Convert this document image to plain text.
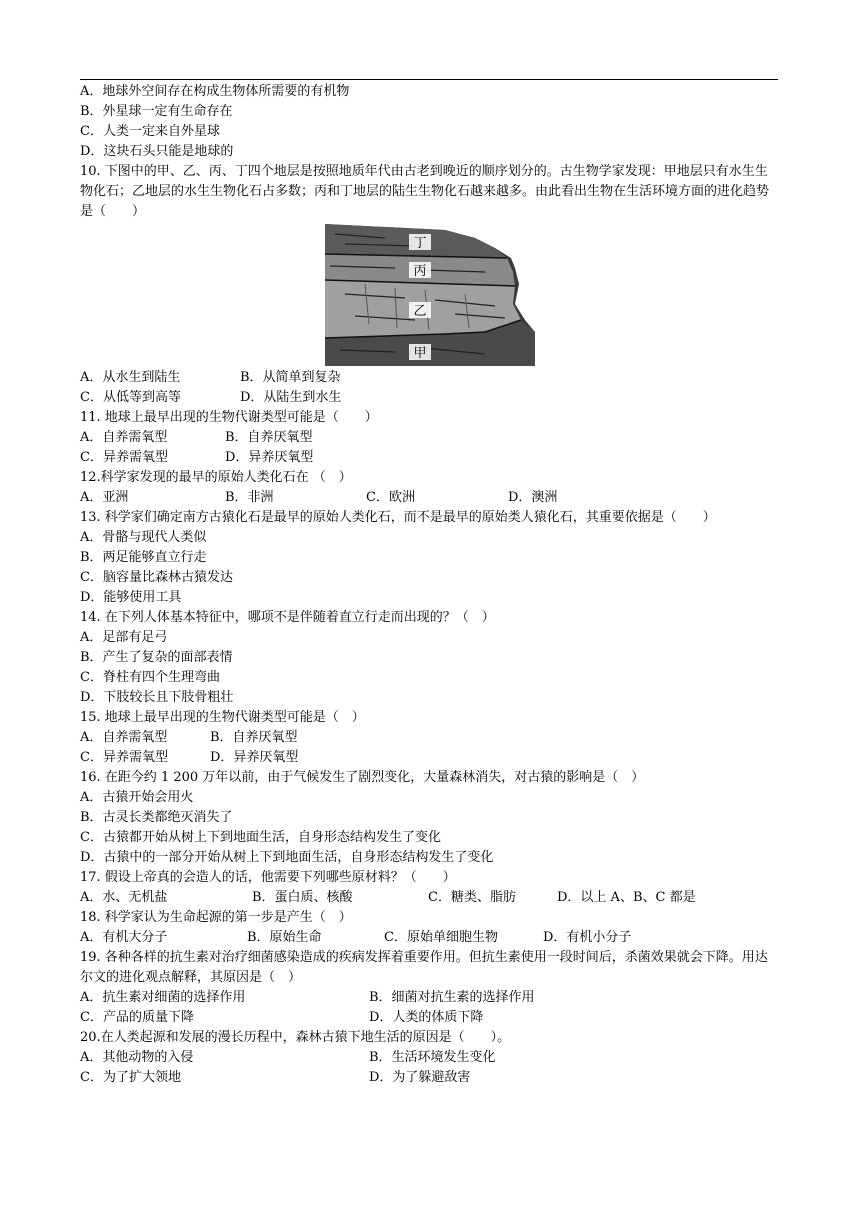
A．地球外空间存在构成生物体所需要的有机物
B．外星球一定有生命存在
C．人类一定来自外星球
D．这块石头只能是地球的
10. 下图中的甲、乙、丙、丁四个地层是按照地质年代由古老到晚近的顺序划分的。古生物学家发现：甲地层只有水生生物化石；乙地层的水生生物化石占多数；丙和丁地层的陆生生物化石越来越多。由此看出生物在生活环境方面的进化趋势是（　　）
丁
丙
乙
甲
A．从水生到陆生	B．从简单到复杂
C．从低等到高等	D．从陆生到水生
11. 地球上最早出现的生物代谢类型可能是（　　）
A．自养需氧型	B．自养厌氧型
C．异养需氧型	D．异养厌氧型
12.科学家发现的最早的原始人类化石在 （　）
A．亚洲	B．非洲	C．欧洲	D．澳洲
13. 科学家们确定南方古猿化石是最早的原始人类化石，而不是最早的原始类人猿化石，其重要依据是（　　）
A．骨骼与现代人类似
B．两足能够直立行走
C．脑容量比森林古猿发达
D．能够使用工具
14. 在下列人体基本特征中，哪项不是伴随着直立行走而出现的？（　）
A．足部有足弓
B．产生了复杂的面部表情
C．脊柱有四个生理弯曲
D．下肢较长且下肢骨粗壮
15. 地球上最早出现的生物代谢类型可能是（　）
A．自养需氧型	B．自养厌氧型
C．异养需氧型	D．异养厌氧型
16. 在距今约 1 200 万年以前，由于气候发生了剧烈变化，大量森林消失，对古猿的影响是（　）
A．古猿开始会用火
B．古灵长类都绝灭消失了
C．古猿都开始从树上下到地面生活，自身形态结构发生了变化
D．古猿中的一部分开始从树上下到地面生活，自身形态结构发生了变化
17. 假设上帝真的会造人的话，他需要下列哪些原材料？（　　）
A．水、无机盐	B．蛋白质、核酸	C．糖类、脂肪	D．以上 A、B、C 都是
18. 科学家认为生命起源的第一步是产生（　）
A．有机大分子	B．原始生命	C．原始单细胞生物	D．有机小分子
19. 各种各样的抗生素对治疗细菌感染造成的疾病发挥着重要作用。但抗生素使用一段时间后，杀菌效果就会下降。用达尔文的进化观点解释，其原因是（　）
A．抗生素对细菌的选择作用	B．细菌对抗生素的选择作用
C．产品的质量下降	D．人类的体质下降
20.在人类起源和发展的漫长历程中，森林古猿下地生活的原因是（　　）。
A．其他动物的入侵	B．生活环境发生变化
C．为了扩大领地	D．为了躲避敌害
